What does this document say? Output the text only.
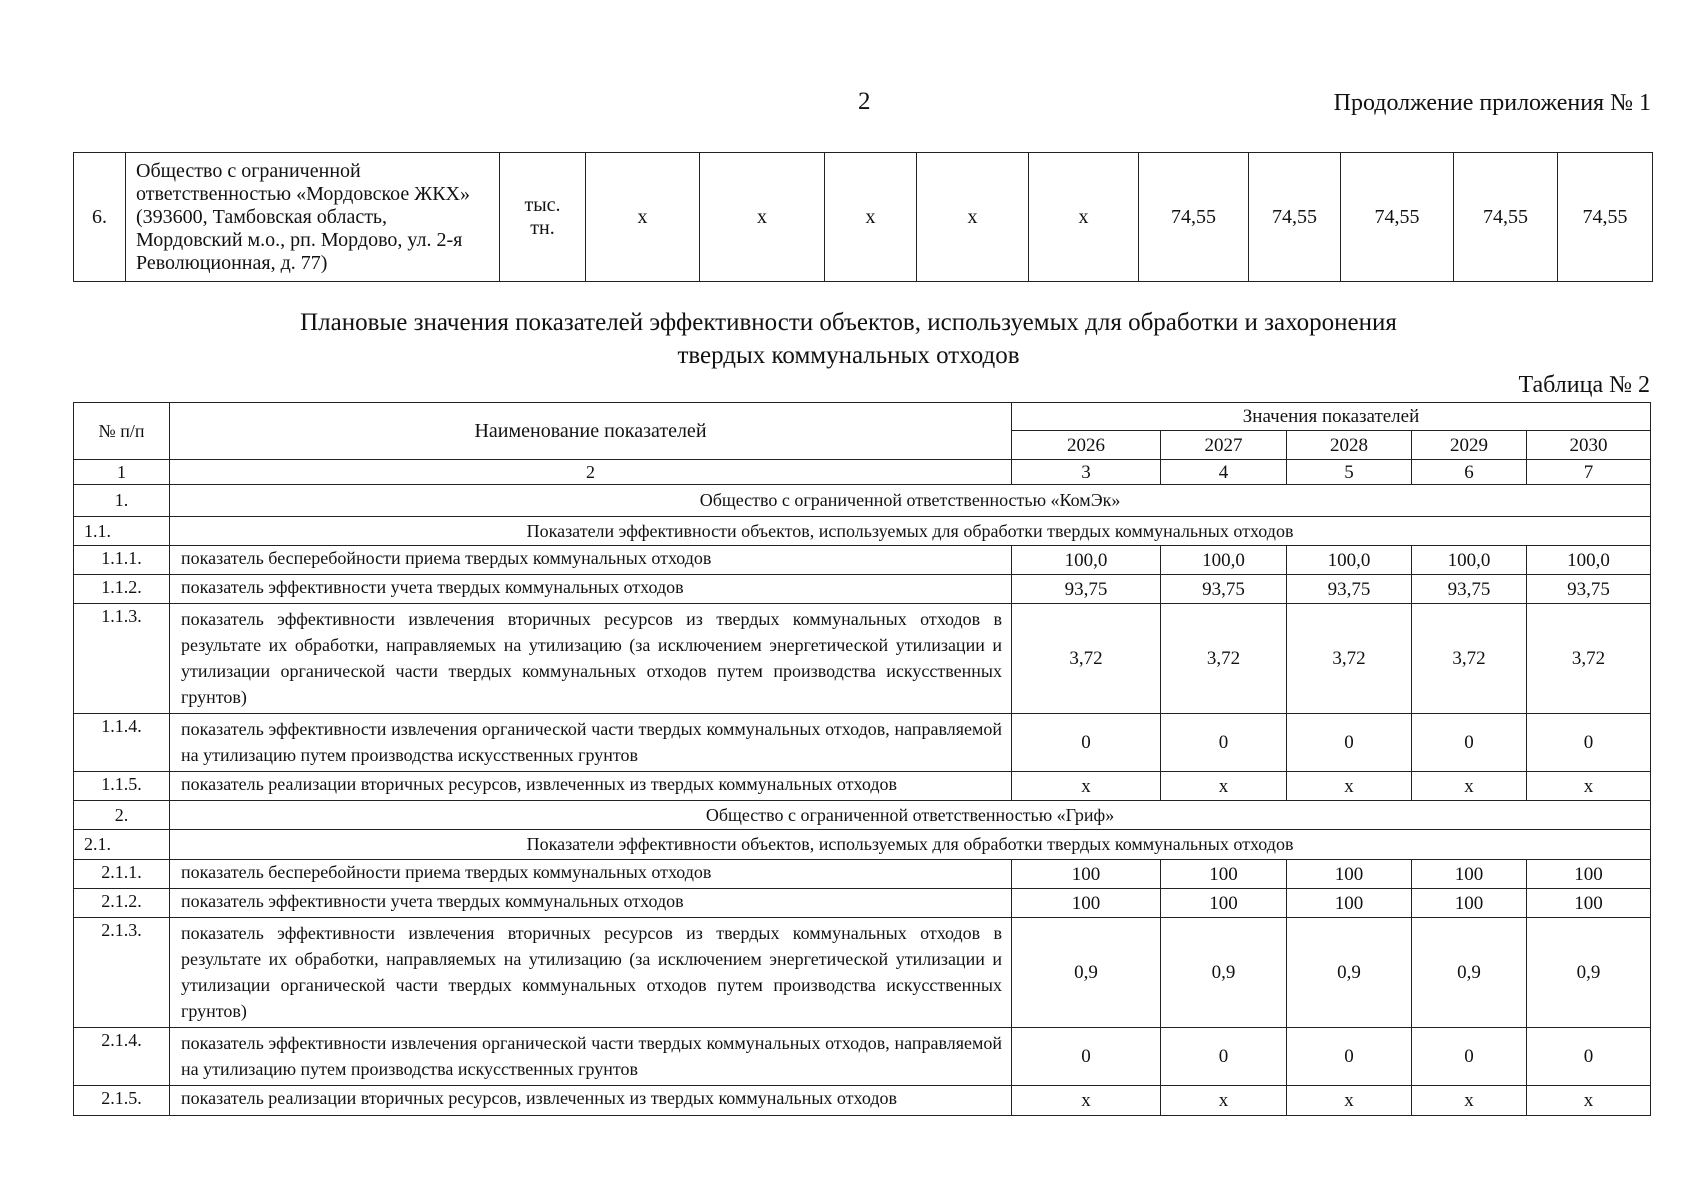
2	Продолжение приложения № 1
6.	Общество с ограниченной ответственностью «Мордовское ЖКХ» (393600, Тамбовская область, Мордовский м.о., рп. Мордово, ул. 2-я Революционная, д. 77)	тыс. тн.	х	х	х	х	х	74,55	74,55	74,55	74,55	74,55
Плановые значения показателей эффективности объектов, используемых для обработки и захоронения
твердых коммунальных отходов
Таблица № 2
№ п/п	Наименование показателей	Значения показателей				
		2026	2027	2028	2029	2030
1	2	3	4	5	6	7
1.	Общество с ограниченной ответственностью «КомЭк»					
1.1.	Показатели эффективности объектов, используемых для обработки твердых коммунальных отходов					
1.1.1.	показатель бесперебойности приема твердых коммунальных отходов	100,0	100,0	100,0	100,0	100,0
1.1.2.	показатель эффективности учета твердых коммунальных отходов	93,75	93,75	93,75	93,75	93,75
1.1.3.	показатель эффективности извлечения вторичных ресурсов из твердых коммунальных отходов в результате их обработки, направляемых на утилизацию (за исключением энергетической утилизации и утилизации органической части твердых коммунальных отходов путем производства искусственных грунтов)	3,72	3,72	3,72	3,72	3,72
1.1.4.	показатель эффективности извлечения органической части твердых коммунальных отходов, направляемой на утилизацию путем производства искусственных грунтов	0	0	0	0	0
1.1.5.	показатель реализации вторичных ресурсов, извлеченных из твердых коммунальных отходов	х	х	х	х	х
2.	Общество с ограниченной ответственностью «Гриф»					
2.1.	Показатели эффективности объектов, используемых для обработки твердых коммунальных отходов					
2.1.1.	показатель бесперебойности приема твердых коммунальных отходов	100	100	100	100	100
2.1.2.	показатель эффективности учета твердых коммунальных отходов	100	100	100	100	100
2.1.3.	показатель эффективности извлечения вторичных ресурсов из твердых коммунальных отходов в результате их обработки, направляемых на утилизацию (за исключением энергетической утилизации и утилизации органической части твердых коммунальных отходов путем производства искусственных грунтов)	0,9	0,9	0,9	0,9	0,9
2.1.4.	показатель эффективности извлечения органической части твердых коммунальных отходов, направляемой на утилизацию путем производства искусственных грунтов	0	0	0	0	0
2.1.5.	показатель реализации вторичных ресурсов, извлеченных из твердых коммунальных отходов	х	х	х	х	х
